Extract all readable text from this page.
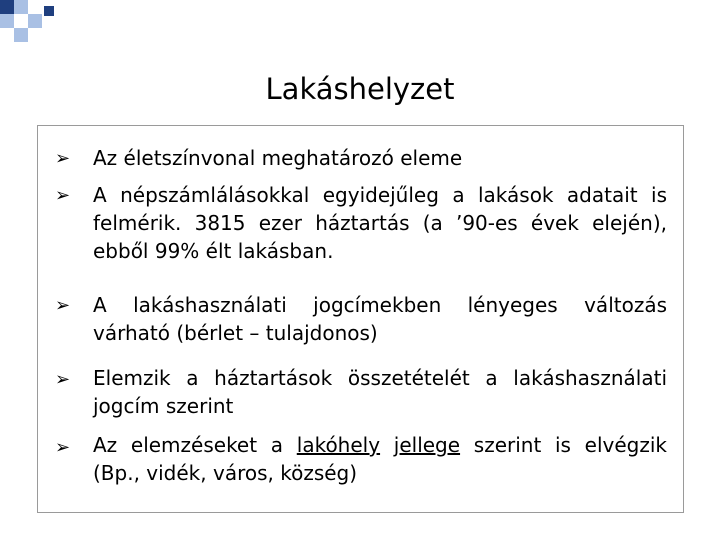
Lakáshelyzet
➢ Az életszínvonal meghatározó eleme
➢ A népszámlálásokkal egyidejűleg a lakások adatait is felmérik. 3815 ezer háztartás (a ’90-es évek elején), ebből 99% élt lakásban.
➢ A lakáshasználati jogcímekben lényeges változás várható (bérlet – tulajdonos)
➢ Elemzik a háztartások összetételét a lakáshasználati jogcím szerint
➢ Az elemzéseket a lakóhely jellege szerint is elvégzik (Bp., vidék, város, község)
